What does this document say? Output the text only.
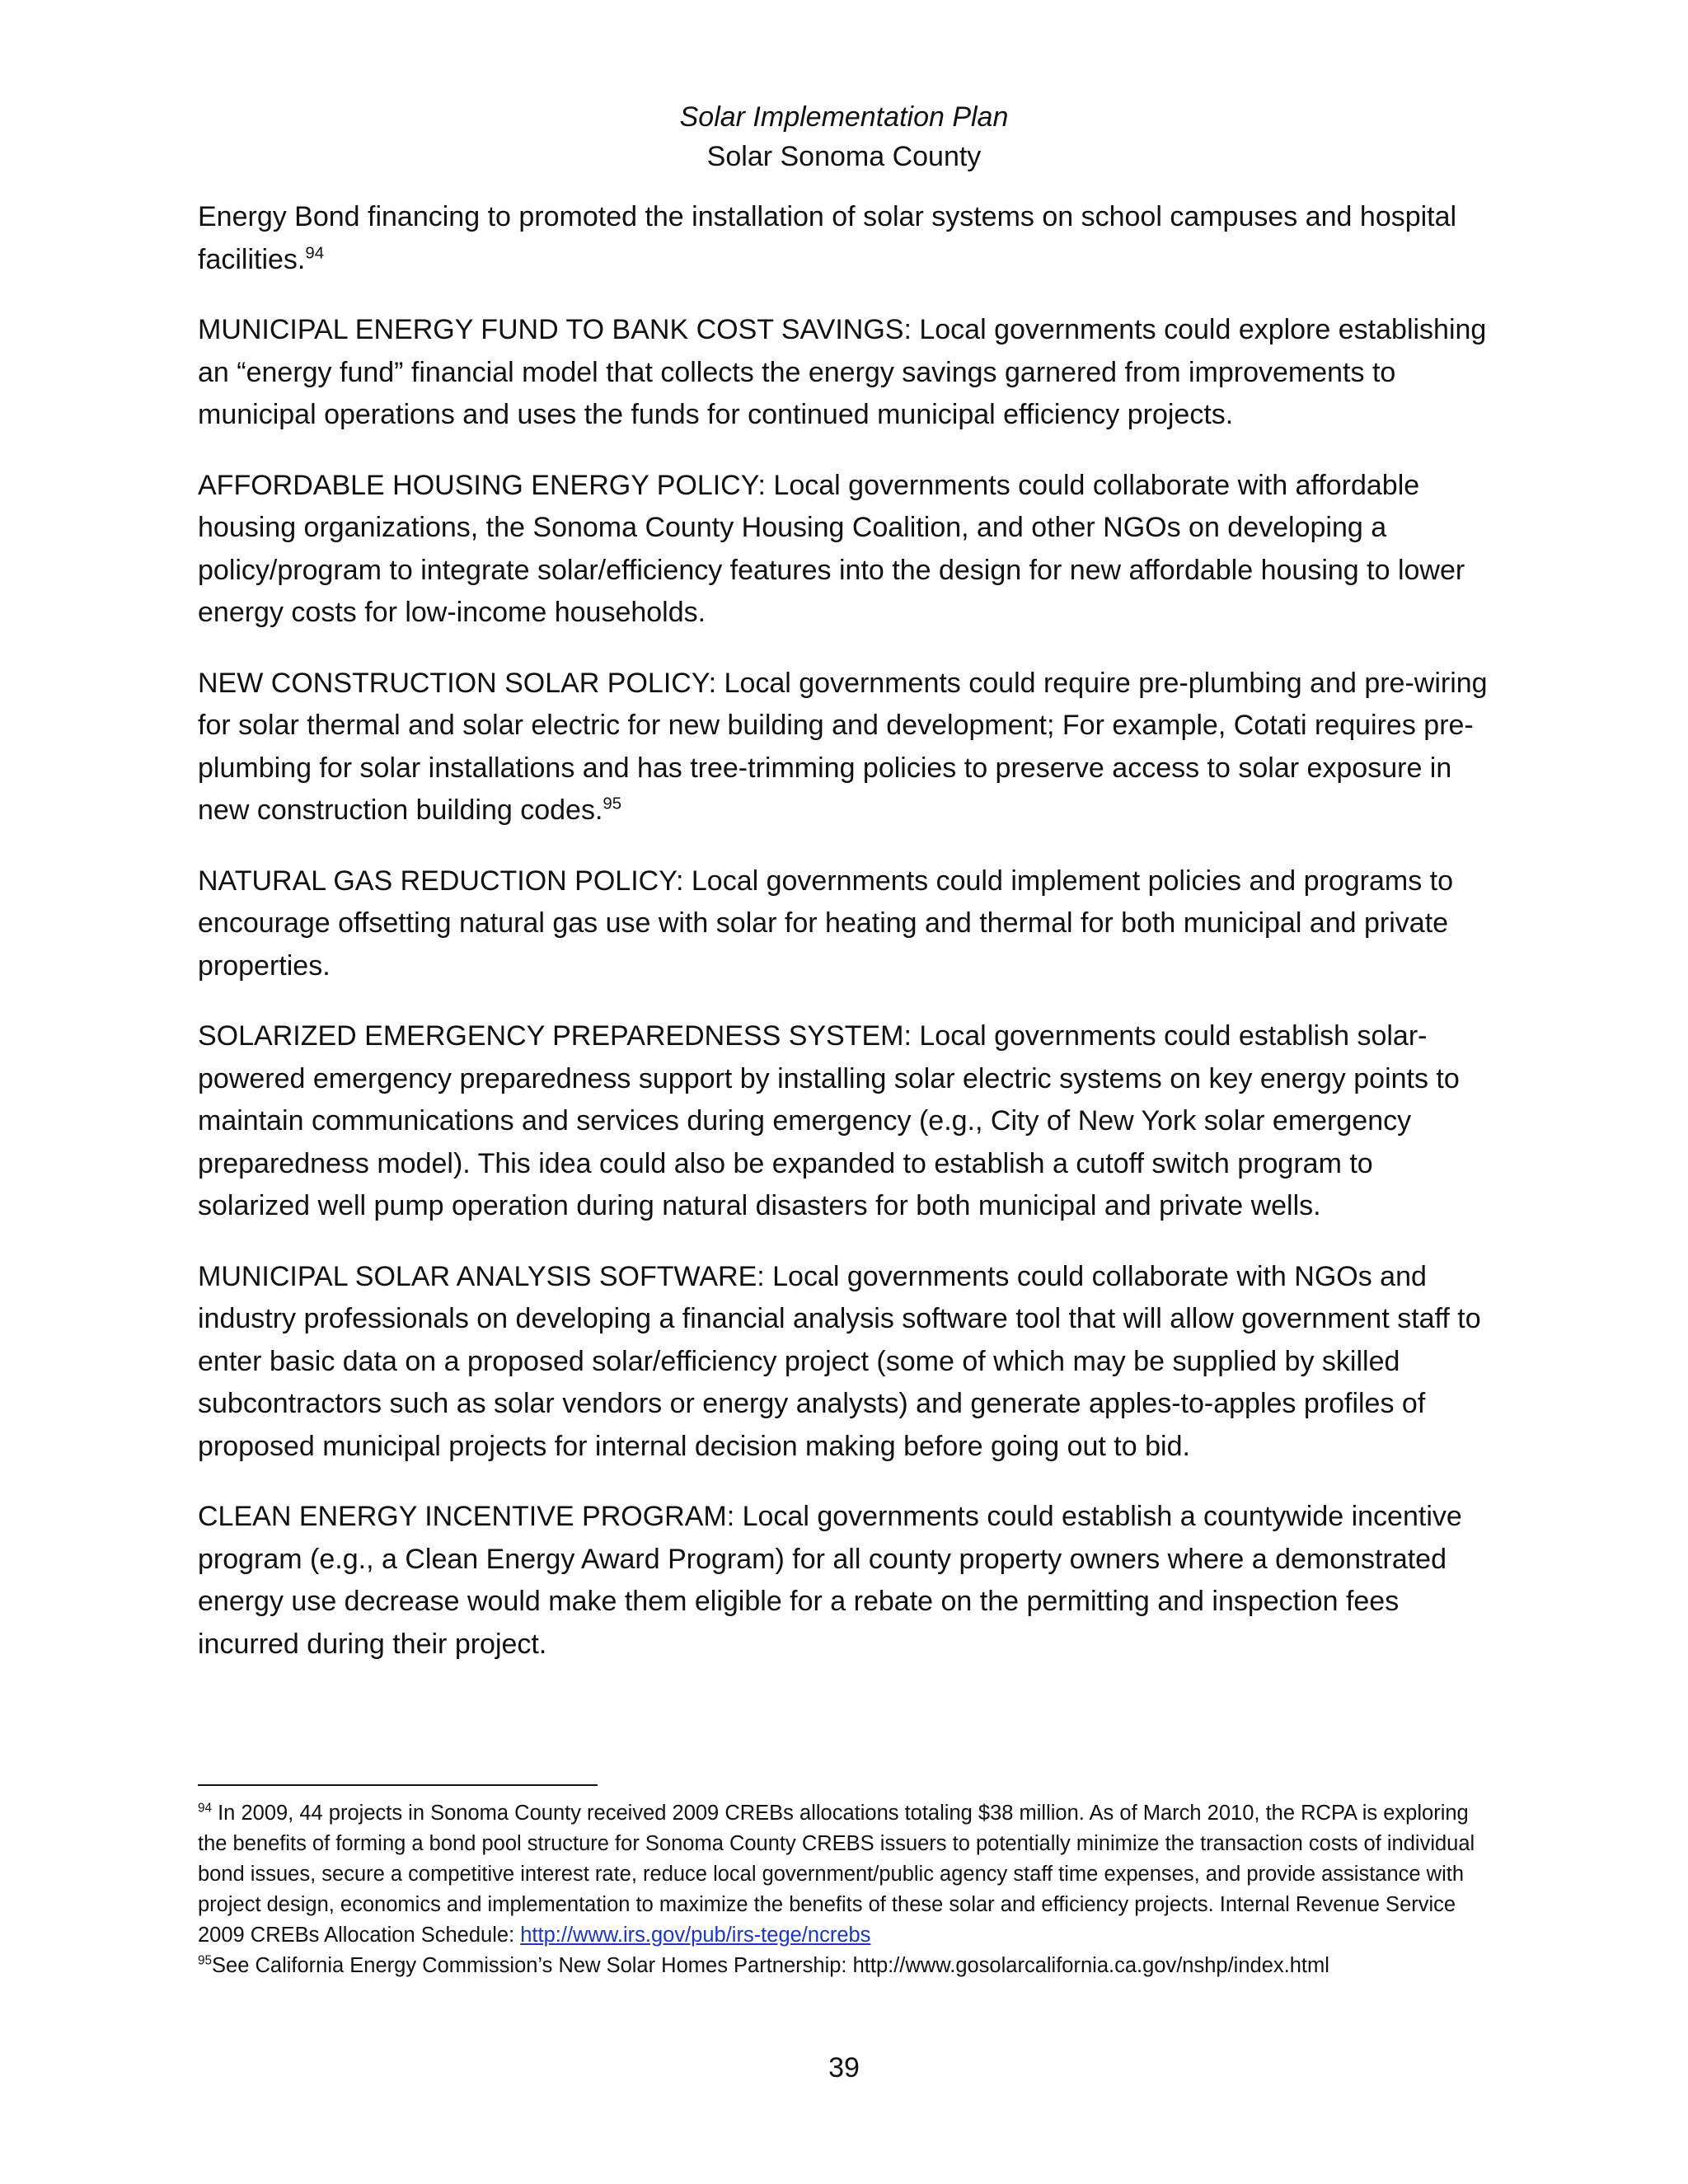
Solar Implementation Plan
Solar Sonoma County

Energy Bond financing to promoted the installation of solar systems on school campuses and hospital facilities.$^{94}$

MUNICIPAL ENERGY FUND TO BANK COST SAVINGS: Local governments could explore establishing an “energy fund” financial model that collects the energy savings garnered from improvements to municipal operations and uses the funds for continued municipal efficiency projects.

AFFORDABLE HOUSING ENERGY POLICY: Local governments could collaborate with affordable housing organizations, the Sonoma County Housing Coalition, and other NGOs on developing a policy/program to integrate solar/efficiency features into the design for new affordable housing to lower energy costs for low-income households.

NEW CONSTRUCTION SOLAR POLICY: Local governments could require pre-plumbing and pre-wiring for solar thermal and solar electric for new building and development; For example, Cotati requires pre-plumbing for solar installations and has tree-trimming policies to preserve access to solar exposure in new construction building codes.$^{95}$

NATURAL GAS REDUCTION POLICY: Local governments could implement policies and programs to encourage offsetting natural gas use with solar for heating and thermal for both municipal and private properties.

SOLARIZED EMERGENCY PREPAREDNESS SYSTEM: Local governments could establish solar-powered emergency preparedness support by installing solar electric systems on key energy points to maintain communications and services during emergency (e.g., City of New York solar emergency preparedness model). This idea could also be expanded to establish a cutoff switch program to solarized well pump operation during natural disasters for both municipal and private wells.

MUNICIPAL SOLAR ANALYSIS SOFTWARE: Local governments could collaborate with NGOs and industry professionals on developing a financial analysis software tool that will allow government staff to enter basic data on a proposed solar/efficiency project (some of which may be supplied by skilled subcontractors such as solar vendors or energy analysts) and generate apples-to-apples profiles of proposed municipal projects for internal decision making before going out to bid.

CLEAN ENERGY INCENTIVE PROGRAM: Local governments could establish a countywide incentive program (e.g., a Clean Energy Award Program) for all county property owners where a demonstrated energy use decrease would make them eligible for a rebate on the permitting and inspection fees incurred during their project.

$^{94}$ In 2009, 44 projects in Sonoma County received 2009 CREBs allocations totaling $38 million. As of March 2010, the RCPA is exploring the benefits of forming a bond pool structure for Sonoma County CREBS issuers to potentially minimize the transaction costs of individual bond issues, secure a competitive interest rate, reduce local government/public agency staff time expenses, and provide assistance with project design, economics and implementation to maximize the benefits of these solar and efficiency projects. Internal Revenue Service 2009 CREBs Allocation Schedule: http://www.irs.gov/pub/irs-tege/ncrebs

$^{95}$See California Energy Commission’s New Solar Homes Partnership: http://www.gosolarcalifornia.ca.gov/nshp/index.html

39
